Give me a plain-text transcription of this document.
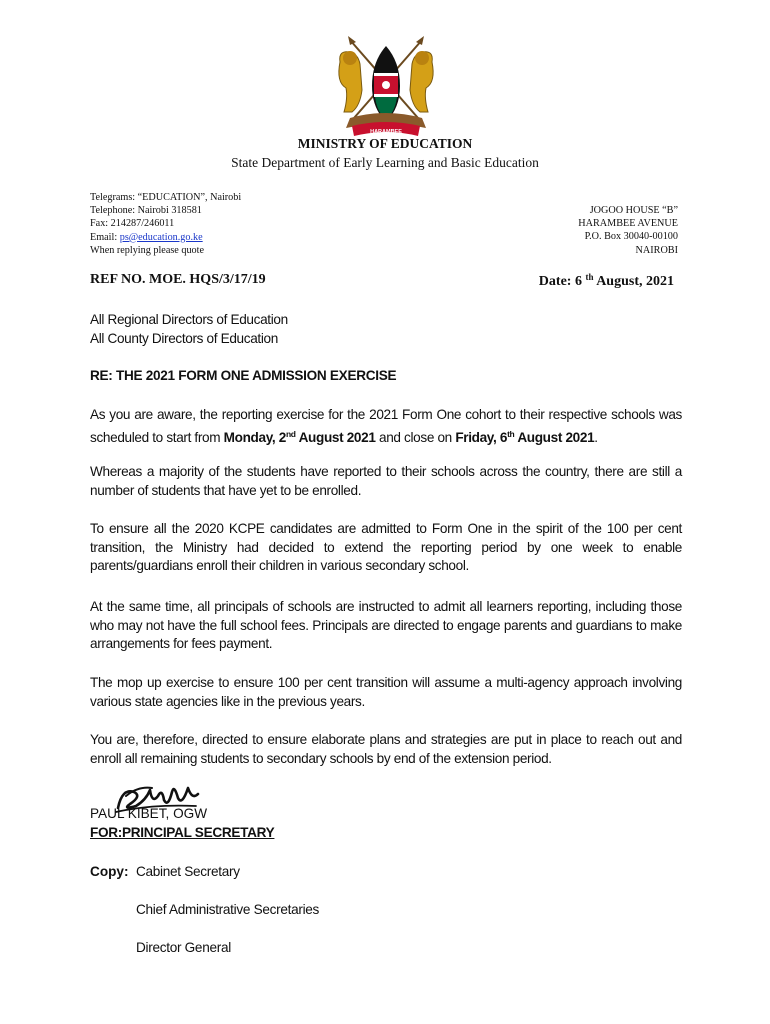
HARAMBEE
MINISTRY OF EDUCATION
State Department of Early Learning and Basic Education
Telegrams: “EDUCATION”, Nairobi
Telephone: Nairobi 318581
Fax: 214287/246011
Email: ps@education.go.ke
When replying please quote
JOGOO HOUSE “B”
HARAMBEE AVENUE
P.O. Box 30040-00100
NAIROBI
REF NO. MOE. HQS/3/17/19	Date: 6 $^{th}$ August, 2021
All Regional Directors of Education
All County Directors of Education
RE: THE 2021 FORM ONE ADMISSION EXERCISE
As you are aware, the reporting exercise for the 2021 Form One cohort to their respective schools was scheduled to start from Monday, 2nd August 2021 and close on Friday, 6th August 2021.
Whereas a majority of the students have reported to their schools across the country, there are still a number of students that have yet to be enrolled.
To ensure all the 2020 KCPE candidates are admitted to Form One in the spirit of the 100 per cent transition, the Ministry had decided to extend the reporting period by one week to enable parents/guardians enroll their children in various secondary school.
At the same time, all principals of schools are instructed to admit all learners reporting, including those who may not have the full school fees. Principals are directed to engage parents and guardians to make arrangements for fees payment.
The mop up exercise to ensure 100 per cent transition will assume a multi-agency approach involving various state agencies like in the previous years.
You are, therefore, directed to ensure elaborate plans and strategies are put in place to reach out and enroll all remaining students to secondary schools by end of the extension period.
PAUL KIBET, OGW
FOR:PRINCIPAL SECRETARY
Copy: Cabinet Secretary
Chief Administrative Secretaries
Director General
